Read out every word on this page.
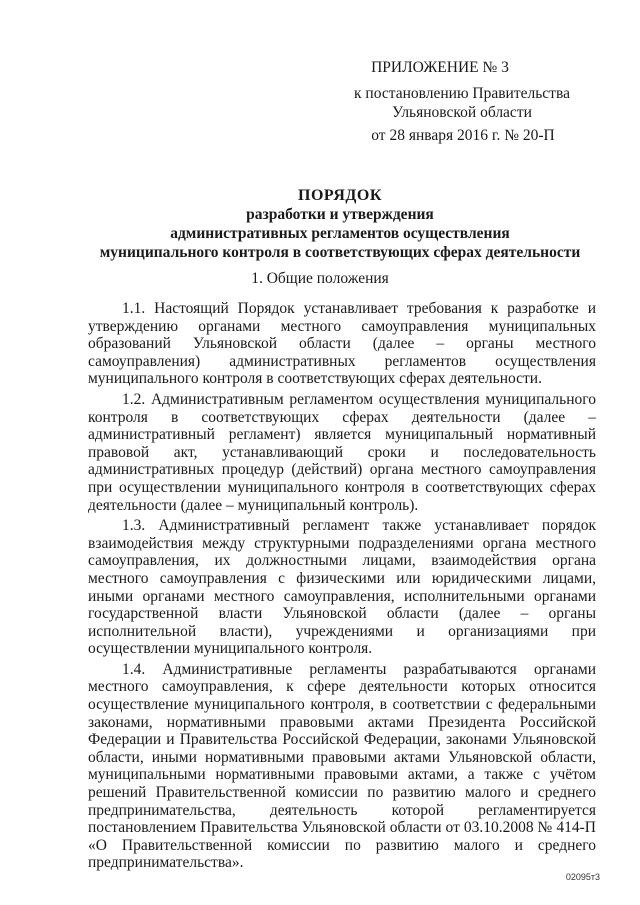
ПРИЛОЖЕНИЕ № 3
к постановлению Правительства
Ульяновской области
от 28 января 2016 г. № 20-П
ПОРЯДОК
разработки и утверждения
административных регламентов осуществления
муниципального контроля в соответствующих сферах деятельности
1. Общие положения

1.1. Настоящий Порядок устанавливает требования к разработке и утверждению органами местного самоуправления муниципальных образований Ульяновской области (далее – органы местного самоуправления) административных регламентов осуществления муниципального контроля в соответствующих сферах деятельности.

1.2. Административным регламентом осуществления муниципального контроля в соответствующих сферах деятельности (далее – административный регламент) является муниципальный нормативный правовой акт, устанавливающий сроки и последовательность административных процедур (действий) органа местного самоуправления при осуществлении муниципального контроля в соответствующих сферах деятельности (далее – муниципальный контроль).

1.3. Административный регламент также устанавливает порядок взаимодействия между структурными подразделениями органа местного самоуправления, их должностными лицами, взаимодействия органа местного самоуправления с физическими или юридическими лицами, иными органами местного самоуправления, исполнительными органами государственной власти Ульяновской области (далее – органы исполнительной власти), учреждениями и организациями при осуществлении муниципального контроля.

1.4. Административные регламенты разрабатываются органами местного самоуправления, к сфере деятельности которых относится осуществление муниципального контроля, в соответствии с федеральными законами, нормативными правовыми актами Президента Российской Федерации и Правительства Российской Федерации, законами Ульяновской области, иными нормативными правовыми актами Ульяновской области, муниципальными нормативными правовыми актами, а также с учётом решений Правительственной комиссии по развитию малого и среднего предпринимательства, деятельность которой регламентируется постановлением Правительства Ульяновской области от 03.10.2008 № 414-П «О Правительственной комиссии по развитию малого и среднего предпринимательства».

02095т3
